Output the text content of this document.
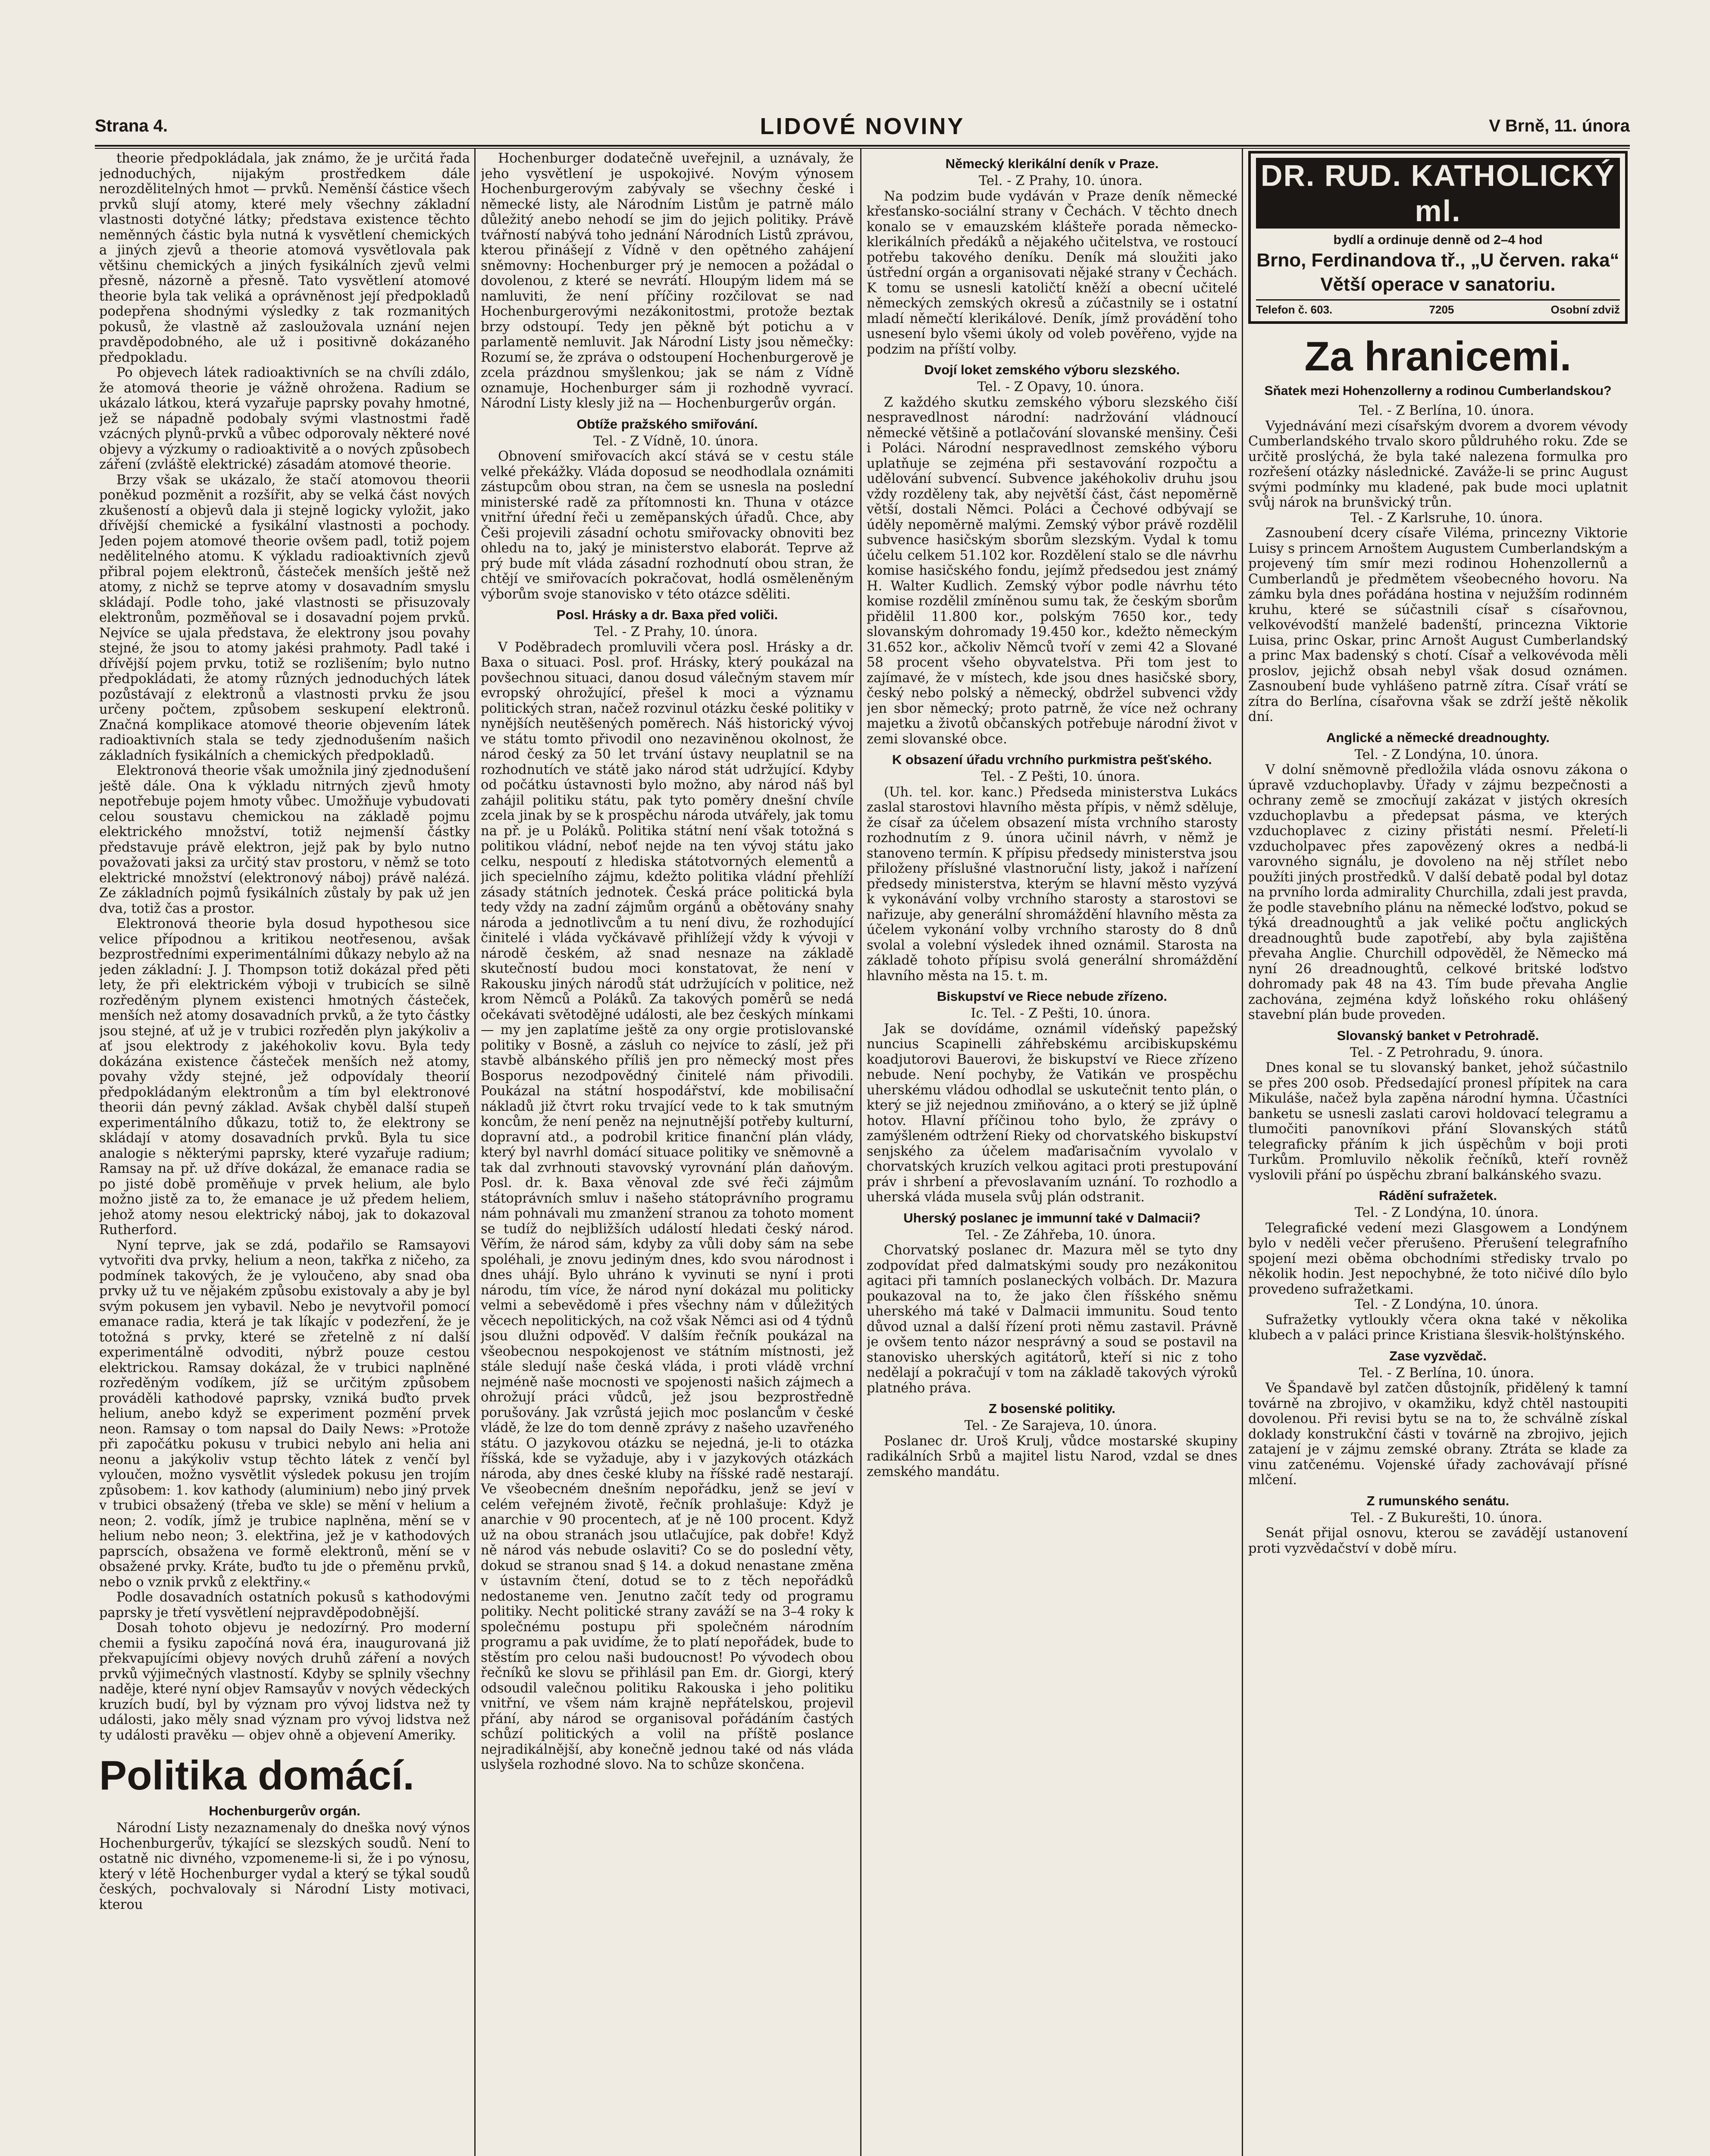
Strana 4.	LIDOVÉ NOVINY	V Brně, 11. února

theorie předpokládala, jak známo, že je určitá řada jednoduchých, nijakým prostředkem dále nerozdělitelných hmot — prvků. Neměnší částice všech prvků slují atomy, které mely všechny základní vlastnosti dotyčné látky; představa existence těchto neměnných částic byla nutná k vysvětlení chemických a jiných zjevů a theorie atomová vysvětlovala pak většinu chemických a jiných fysikálních zjevů velmi přesně, názorně a přesně. Tato vysvětlení atomové theorie byla tak veliká a oprávněnost její předpokladů podepřena shodnými výsledky z tak rozmanitých pokusů, že vlastně až zasloužovala uznání nejen pravděpodobného, ale už i positivně dokázaného předpokladu.

Po objevech látek radioaktivních se na chvíli zdálo, že atomová theorie je vážně ohrožena. Radium se ukázalo látkou, která vyzařuje paprsky povahy hmotné, jež se nápadně podobaly svými vlastnostmi řadě vzácných plynů-prvků a vůbec odporovaly některé nové objevy a výzkumy o radioaktivitě a o nových způsobech záření (zvláště elektrické) zásadám atomové theorie.

Brzy však se ukázalo, že stačí atomovou theorii poněkud pozměnit a rozšířit, aby se velká část nových zkušeností a objevů dala ji stejně logicky vyložit, jako dřívější chemické a fysikální vlastnosti a pochody. Jeden pojem atomové theorie ovšem padl, totiž pojem nedělitelného atomu. K výkladu radioaktivních zjevů přibral pojem elektronů, částeček menších ještě než atomy, z nichž se teprve atomy v dosavadním smyslu skládají. Podle toho, jaké vlastnosti se přisuzovaly elektronům, pozměňoval se i dosavadní pojem prvků. Nejvíce se ujala představa, že elektrony jsou povahy stejné, že jsou to atomy jakési prahmoty. Padl také i dřívější pojem prvku, totiž se rozlišením; bylo nutno předpokládati, že atomy různých jednoduchých látek pozůstávají z elektronů a vlastnosti prvku že jsou určeny počtem, způsobem seskupení elektronů. Značná komplikace atomové theorie objevením látek radioaktivních stala se tedy zjednodušením našich základních fysikálních a chemických předpokladů.

Elektronová theorie však umožnila jiný zjednodušení ještě dále. Ona k výkladu nitrných zjevů hmoty nepotřebuje pojem hmoty vůbec. Umožňuje vybudovati celou soustavu chemickou na základě pojmu elektrického množství, totiž nejmenší částky představuje právě elektron, jejž pak by bylo nutno považovati jaksi za určitý stav prostoru, v němž se toto elektrické množství (elektronový náboj) právě nalézá. Ze základních pojmů fysikálních zůstaly by pak už jen dva, totiž čas a prostor.

Elektronová theorie byla dosud hypothesou sice velice přípodnou a kritikou neotřesenou, avšak bezprostředními experimentálními důkazy nebylo až na jeden základní: J. J. Thompson totiž dokázal před pěti lety, že při elektrickém výboji v trubicích se silně rozředěným plynem existenci hmotných částeček, menších než atomy dosavadních prvků, a že tyto částky jsou stejné, ať už je v trubici rozředěn plyn jakýkoliv a ať jsou elektrody z jakéhokoliv kovu. Byla tedy dokázána existence částeček menších než atomy, povahy vždy stejné, jež odpovídaly theorií předpokládaným elektronům a tím byl elektronové theorii dán pevný základ. Avšak chyběl další stupeň experimentálního důkazu, totiž to, že elektrony se skládají v atomy dosavadních prvků. Byla tu sice analogie s některými paprsky, které vyzařuje radium; Ramsay na př. už dříve dokázal, že emanace radia se po jisté době proměňuje v prvek helium, ale bylo možno jistě za to, že emanace je už předem heliem, jehož atomy nesou elektrický náboj, jak to dokazoval Rutherford.

Nyní teprve, jak se zdá, podařilo se Ramsayovi vytvořiti dva prvky, helium a neon, takřka z ničeho, za podmínek takových, že je vyloučeno, aby snad oba prvky už tu ve nějakém způsobu existovaly a aby je byl svým pokusem jen vybavil. Nebo je nevytvořil pomocí emanace radia, která je tak líkajíc v podezření, že je totožná s prvky, které se zřetelně z ní další experimentálně odvoditi, nýbrž pouze cestou elektrickou. Ramsay dokázal, že v trubici naplněné rozředěným vodíkem, jíž se určitým způsobem prováděli kathodové paprsky, vzniká buďto prvek helium, anebo když se experiment pozmění prvek neon. Ramsay o tom napsal do Daily News: »Protože při započátku pokusu v trubici nebylo ani helia ani neonu a jakýkoliv vstup těchto látek z venčí byl vyloučen, možno vysvětlit výsledek pokusu jen trojím způsobem: 1. kov kathody (aluminium) nebo jiný prvek v trubici obsažený (třeba ve skle) se mění v helium a neon; 2. vodík, jímž je trubice naplněna, mění se v helium nebo neon; 3. elektřina, jež je v kathodových paprscích, obsažena ve formě elektronů, mění se v obsažené prvky. Kráte, buďto tu jde o přeměnu prvků, nebo o vznik prvků z elektřiny.«

Podle dosavadních ostatních pokusů s kathodovými paprsky je třetí vysvětlení nejpravděpodobnější.

Dosah tohoto objevu je nedozírný. Pro moderní chemii a fysiku započíná nová éra, inaugurovaná již překvapujícími objevy nových druhů záření a nových prvků výjimečných vlastností. Kdyby se splnily všechny naděje, které nyní objev Ramsayův v nových vědeckých kruzích budí, byl by význam pro vývoj lidstva než ty události, jako měly snad význam pro vývoj lidstva než ty události pravěku — objev ohně a objevení Ameriky.

Politika domácí.
Hochenburgerův orgán.

Národní Listy nezaznamenaly do dneška nový výnos Hochenburgerův, týkající se slezských soudů. Není to ostatně nic divného, vzpomeneme-li si, že i po výnosu, který v létě Hochenburger vydal a který se týkal soudů českých, pochvalovaly si Národní Listy motivaci, kterou

Hochenburger dodatečně uveřejnil, a uznávaly, že jeho vysvětlení je uspokojivé. Novým výnosem Hochenburgerovým zabývaly se všechny české i německé listy, ale Národním Listům je patrně málo důležitý anebo nehodí se jim do jejich politiky. Právě tvářností nabývá toho jednání Národních Listů zprávou, kterou přinášejí z Vídně v den opětného zahájení sněmovny: Hochenburger prý je nemocen a požádal o dovolenou, z které se nevrátí. Hloupým lidem má se namluviti, že není příčiny rozčilovat se nad Hochenburgerovými nezákonitostmi, protože beztak brzy odstoupí. Tedy jen pěkně být potichu a v parlamentě nemluvit. Jak Národní Listy jsou němečky: Rozumí se, že zpráva o odstoupení Hochenburgerově je zcela prázdnou smyšlenkou; jak se nám z Vídně oznamuje, Hochenburger sám ji rozhodně vyvrací. Národní Listy klesly již na — Hochenburgerův orgán.

Obtíže pražského smiřování.

Tel. - Z Vídně, 10. února.

Obnovení smiřovacích akcí stává se v cestu stále velké překážky. Vláda doposud se neodhodlala oznámiti zástupcům obou stran, na čem se usnesla na poslední ministerské radě za přítomnosti kn. Thuna v otázce vnitřní úřední řeči u zeměpanských úřadů. Chce, aby Češi projevili zásadní ochotu smiřovacky obnoviti bez ohledu na to, jaký je ministerstvo elaborát. Teprve až prý bude mít vláda zásadní rozhodnutí obou stran, že chtějí ve smiřovacích pokračovat, hodlá osměleněným výborům svoje stanovisko v této otázce sděliti.

Posl. Hrásky a dr. Baxa před voliči.

Tel. - Z Prahy, 10. února.

V Poděbradech promluvili včera posl. Hrásky a dr. Baxa o situaci. Posl. prof. Hrásky, který poukázal na povšechnou situaci, danou dosud válečným stavem mír evropský ohrožující, přešel k moci a významu politických stran, načež rozvinul otázku české politiky v nynějších neutěšených poměrech. Náš historický vývoj ve státu tomto přivodil ono nezaviněnou okolnost, že národ český za 50 let trvání ústavy neuplatnil se na rozhodnutích ve státě jako národ stát udržující. Kdyby od počátku ústavnosti bylo možno, aby národ náš byl zahájil politiku státu, pak tyto poměry dnešní chvíle zcela jinak by se k prospěchu národa utvářely, jak tomu na př. je u Poláků. Politika státní není však totožná s politikou vládní, neboť nejde na ten vývoj státu jako celku, nespoutí z hlediska státotvorných elementů a jich specielního zájmu, kdežto politika vládní přehlíží zásady státních jednotek. Česká práce politická byla tedy vždy na zadní zájmům orgánů a obětovány snahy národa a jednotlivcům a tu není divu, že rozhodující činitelé i vláda vyčkávavě přihlížejí vždy k vývoji v národě českém, až snad nesnaze na základě skutečností budou moci konstatovat, že není v Rakousku jiných národů stát udržujících v politice, než krom Němců a Poláků. Za takových poměrů se nedá očekávati světodějné události, ale bez českých mínkami — my jen zaplatíme ještě za ony orgie protislovanské politiky v Bosně, a zásluh co nejvíce to záslí, jež při stavbě albánského příliš jen pro německý most přes Bosporus nezodpovědný činitelé nám přivodili. Poukázal na státní hospodářství, kde mobilisační nákladů již čtvrt roku trvající vede to k tak smutným koncům, že není peněz na nejnutnější potřeby kulturní, dopravní atd., a podrobil kritice finanční plán vlády, který byl navrhl domácí situace politiky ve sněmovně a tak dal zvrhnouti stavovský vyrovnání plán daňovým. Posl. dr. k. Baxa věnoval zde své řeči zájmům státoprávních smluv i našeho státoprávního programu nám pohnávali mu zmanžení stranou za tohoto moment se tudíž do nejbližších událostí hledati český národ. Věřím, že národ sám, kdyby za vůli doby sám na sebe spoléhali, je znovu jediným dnes, kdo svou národnost i dnes uhájí. Bylo uhráno k vyvinuti se nyní i proti národu, tím více, že národ nyní dokázal mu politicky velmi a sebevědomě i přes všechny nám v důležitých věcech nepolitických, na což však Němci asi od 4 týdnů jsou dlužni odpověď. V dalším řečník poukázal na všeobecnou nespokojenost ve státním místnosti, jež stále sledují naše česká vláda, i proti vládě vrchní nejméně naše mocnosti ve spojenosti našich zájmech a ohrožují práci vůdců, jež jsou bezprostředně porušovány. Jak vzrůstá jejich moc poslancům v české vládě, že lze do tom denně zprávy z našeho uzavřeného státu. O jazykovou otázku se nejedná, je-li to otázka říšská, kde se vyžaduje, aby i v jazykových otázkách národa, aby dnes české kluby na říšské radě nestarají. Ve všeobecném dnešním nepořádku, jenž se jeví v celém veřejném životě, řečník prohlašuje: Když je anarchie v 90 procentech, ať je ně 100 procent. Když už na obou stranách jsou utlačujíce, pak dobře! Když ně národ vás nebude oslaviti? Co se do poslední věty, dokud se stranou snad § 14. a dokud nenastane změna v ústavním čtení, dotud se to z těch nepořádků nedostaneme ven. Jenutno začít tedy od programu politiky. Necht politické strany zaváží se na 3–4 roky k společnému postupu při společném národním programu a pak uvidíme, že to platí nepořádek, bude to stěstím pro celou naši budoucnost! Po vývodech obou řečníků ke slovu se přihlásil pan Em. dr. Giorgi, který odsoudil valečnou politiku Rakouska i jeho politiku vnitřní, ve všem nám krajně nepřátelskou, projevil přání, aby národ se organisoval pořádáním častých schůzí politických a volil na příště poslance nejradikálnější, aby konečně jednou také od nás vláda uslyšela rozhodné slovo. Na to schůze skončena.

Německý klerikální deník v Praze.

Tel. - Z Prahy, 10. února.

Na podzim bude vydáván v Praze deník německé křesťansko-sociální strany v Čechách. V těchto dnech konalo se v emauzském klášteře porada německo-klerikálních předáků a nějakého učitelstva, ve rostoucí potřebu takového deníku. Deník má sloužiti jako ústřední orgán a organisovati nějaké strany v Čechách. K tomu se usnesli katoličtí kněží a obecní učitelé německých zemských okresů a zúčastnily se i ostatní mladí němečtí klerikálové. Deník, jímž provádění toho usnesení bylo všemi úkoly od voleb pověřeno, vyjde na podzim na příští volby.

Dvojí loket zemského výboru slezského.

Tel. - Z Opavy, 10. února.

Z každého skutku zemského výboru slezského čiší nespravedlnost národní: nadržování vládnoucí německé většině a potlačování slovanské menšiny. Češi i Poláci. Národní nespravedlnost zemského výboru uplatňuje se zejména při sestavování rozpočtu a udělování subvencí. Subvence jakéhokoliv druhu jsou vždy rozděleny tak, aby největší část, část nepoměrně větší, dostali Němci. Poláci a Čechové odbývají se úděly nepoměrně malými. Zemský výbor právě rozdělil subvence hasičským sborům slezským. Vydal k tomu účelu celkem 51.102 kor. Rozdělení stalo se dle návrhu komise hasičského fondu, jejímž předsedou jest známý H. Walter Kudlich. Zemský výbor podle návrhu této komise rozdělil zmíněnou sumu tak, že českým sborům přidělil 11.800 kor., polským 7650 kor., tedy slovanským dohromady 19.450 kor., kdežto německým 31.652 kor., ačkoliv Němců tvoří v zemi 42 a Slované 58 procent všeho obyvatelstva. Při tom jest to zajímavé, že v místech, kde jsou dnes hasičské sbory, český nebo polský a německý, obdržel subvenci vždy jen sbor německý; proto patrně, že více než ochrany majetku a životů občanských potřebuje národní život v zemi slovanské obce.

K obsazení úřadu vrchního purkmistra pešťského.

Tel. - Z Pešti, 10. února.

(Uh. tel. kor. kanc.) Předseda ministerstva Lukács zaslal starostovi hlavního města přípis, v němž sděluje, že císař za účelem obsazení místa vrchního starosty rozhodnutím z 9. února učinil návrh, v němž je stanoveno termín. K přípisu předsedy ministerstva jsou přiloženy příslušné vlastnoruční listy, jakož i nařízení předsedy ministerstva, kterým se hlavní město vyzývá k vykonávání volby vrchního starosty a starostovi se nařizuje, aby generální shromáždění hlavního města za účelem vykonání volby vrchního starosty do 8 dnů svolal a volební výsledek ihned oznámil. Starosta na základě tohoto přípisu svolá generální shromáždění hlavního města na 15. t. m.

Biskupství ve Riece nebude zřízeno.

Ic. Tel. - Z Pešti, 10. února.

Jak se dovídáme, oznámil vídeňský papežský nuncius Scapinelli záhřebskému arcibiskupskému koadjutorovi Bauerovi, že biskupství ve Riece zřízeno nebude. Není pochyby, že Vatikán ve prospěchu uherskému vládou odhodlal se uskutečnit tento plán, o který se již nejednou zmiňováno, a o který se již úplně hotov. Hlavní příčinou toho bylo, že zprávy o zamýšleném odtržení Rieky od chorvatského biskupství senjského za účelem maďarisačním vyvolalo v chorvatských kruzích velkou agitaci proti prestupování práv i shrbení a převoslavaním uznání. To rozhodlo a uherská vláda musela svůj plán odstranit.

Uherský poslanec je immunní také v Dalmacii?

Tel. - Ze Záhřeba, 10. února.

Chorvatský poslanec dr. Mazura měl se tyto dny zodpovídat před dalmatskými soudy pro nezákonitou agitaci při tamních poslaneckých volbách. Dr. Mazura poukazoval na to, že jako člen říšského sněmu uherského má také v Dalmacii immunitu. Soud tento důvod uznal a další řízení proti němu zastavil. Právně je ovšem tento názor nesprávný a soud se postavil na stanovisko uherských agitátorů, kteří si nic z toho nedělají a pokračují v tom na základě takových výroků platného práva.

Z bosenské politiky.

Tel. - Ze Sarajeva, 10. února.

Poslanec dr. Uroš Krulj, vůdce mostarské skupiny radikálních Srbů a majitel listu Narod, vzdal se dnes zemského mandátu.

DR. RUD. KATHOLICKÝ ml.
bydlí a ordinuje denně od 2–4 hod
Brno, Ferdinandova tř., „U červen. raka“
Větší operace v sanatoriu.
Telefon č. 603.	7205	Osobní zdviž
Za hranicemi.
Sňatek mezi Hohenzollerny a rodinou Cumberlandskou?

Tel. - Z Berlína, 10. února.

Vyjednávání mezi císařským dvorem a dvorem vévody Cumberlandského trvalo skoro půldruhého roku. Zde se určitě proslýchá, že byla také nalezena formulka pro rozřešení otázky následnické. Zaváže-li se princ August svými podmínky mu kladené, pak bude moci uplatnit svůj nárok na brunšvický trůn.

Tel. - Z Karlsruhe, 10. února.

Zasnoubení dcery císaře Viléma, princezny Viktorie Luisy s princem Arnoštem Augustem Cumberlandským a projevený tím smír mezi rodinou Hohenzollernů a Cumberlandů je předmětem všeobecného hovoru. Na zámku byla dnes pořádána hostina v nejužším rodinném kruhu, které se súčastnili císař s císařovnou, velkovévodští manželé badenští, princezna Viktorie Luisa, princ Oskar, princ Arnošt August Cumberlandský a princ Max badenský s chotí. Císař a velkovévoda měli proslov, jejichž obsah nebyl však dosud oznámen. Zasnoubení bude vyhlášeno patrně zítra. Císař vrátí se zítra do Berlína, císařovna však se zdrží ještě několik dní.

Anglické a německé dreadnoughty.

Tel. - Z Londýna, 10. února.

V dolní sněmovně předložila vláda osnovu zákona o úpravě vzduchoplavby. Úřady v zájmu bezpečnosti a ochrany země se zmocňují zakázat v jistých okresích vzduchoplavbu a předepsat pásma, ve kterých vzduchoplavec z ciziny přistáti nesmí. Přeletí-li vzducholpavec přes zapovězený okres a nedbá-li varovného signálu, je dovoleno na něj střílet nebo použíti jiných prostředků. V další debatě podal byl dotaz na prvního lorda admirality Churchilla, zdali jest pravda, že podle stavebního plánu na německé loďstvo, pokud se týká dreadnoughtů a jak veliké počtu anglických dreadnoughtů bude zapotřebí, aby byla zajištěna převaha Anglie. Churchill odpověděl, že Německo má nyní 26 dreadnoughtů, celkové britské loďstvo dohromady pak 48 na 43. Tím bude převaha Anglie zachována, zejména když loňského roku ohlášený stavební plán bude proveden.

Slovanský banket v Petrohradě.

Tel. - Z Petrohradu, 9. února.

Dnes konal se tu slovanský banket, jehož súčastnilo se přes 200 osob. Předsedající pronesl přípitek na cara Mikuláše, načež byla zapěna národní hymna. Účastníci banketu se usnesli zaslati carovi holdovací telegramu a tlumočiti panovníkovi přání Slovanských států telegraficky přáním k jich úspěchům v boji proti Turkům. Promluvilo několik řečníků, kteří rovněž vyslovili přání po úspěchu zbraní balkánského svazu.

Rádění sufražetek.

Tel. - Z Londýna, 10. února.

Telegrafické vedení mezi Glasgowem a Londýnem bylo v neděli večer přerušeno. Přerušení telegrafního spojení mezi oběma obchodními středisky trvalo po několik hodin. Jest nepochybné, že toto ničivé dílo bylo provedeno sufražetkami.

Tel. - Z Londýna, 10. února.

Sufražetky vytloukly včera okna také v několika klubech a v paláci prince Kristiana šlesvik-holštýnského.

Zase vyzvědač.

Tel. - Z Berlína, 10. února.

Ve Špandavě byl zatčen důstojník, přidělený k tamní továrně na zbrojivo, v okamžiku, když chtěl nastoupiti dovolenou. Při revisi bytu se na to, že schválně získal doklady konstrukční části v továrně na zbrojivo, jejich zatajení je v zájmu zemské obrany. Ztráta se klade za vinu zatčenému. Vojenské úřady zachovávají přísné mlčení.

Z rumunského senátu.

Tel. - Z Bukurešti, 10. února.

Senát přijal osnovu, kterou se zavádějí ustanovení proti vyzvědačství v době míru.
